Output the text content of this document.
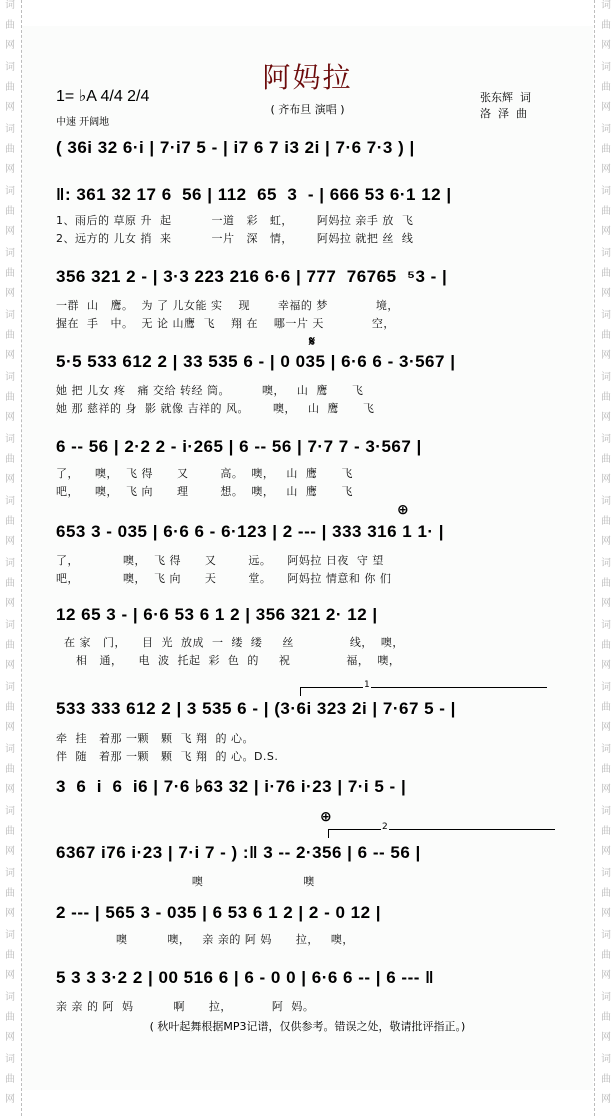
词
曲
网
词
曲
网
词
曲
网
词
曲
网
词
曲
网
词
曲
网
词
曲
网
词
曲
网
词
曲
网
词
曲
网
词
曲
网
词
曲
网
词
曲
网
词
曲
网
词
曲
网
词
曲
网
词
曲
网
词
曲
网
词
曲
网
词
曲
网
词
曲
网
词
曲
网
词
曲
网
词
曲
网
词
曲
网
词
曲
网
词
曲
网
词
曲
网
词
曲
网
词
曲
网
词
曲
网
词
曲
网
词
曲
网
词
曲
网
词
曲
网
词
曲
网
阿妈拉
( 齐布旦 演唱 )
1= ♭A 4/4 2/4
中速 开阔地
张东辉  词
洛  泽  曲
( 36i 32 6·i | 7·i7 5 - | i7 6 7 i3 2i | 7·6 7·3 ) |
‖: 361 32 17 6  56 | 112  65  3  - | 666 53 6·1 12 |
1、雨后的 草原 升  起          一道   彩   虹，      阿妈拉 亲手 放  飞
2、远方的 儿女 捎  来          一片   深   情，      阿妈拉 就把 丝  线
356 321 2 - | 3·3 223 216 6·6 | 777  76765  ⁵3 - |
一群  山   鹰。  为 了 儿女能 实    现       幸福的 梦            境，
握在  手   中。  无 论 山鹰  飞    翔 在    哪一片 天            空，
𝄋
5·5 533 612 2 | 33 535 6 - | 0 035 | 6·6 6 - 3·567 |
她 把 儿女 疼   痛 交给 转经 筒。        噢，   山  鹰      飞
她 那 慈祥的 身  影 就像 吉祥的 风。      噢，   山  鹰      飞
6 -- 56 | 2·2 2 - i·265 | 6 -- 56 | 7·7 7 - 3·567 |
了，    噢，  飞 得      又        高。  噢，   山  鹰      飞
吧，    噢，  飞 向      理        想。  噢，   山  鹰      飞
⊕
653 3 - 035 | 6·6 6 - 6·123 | 2 --- | 333 316 1 1· |
了，           噢，  飞 得      又        远。    阿妈拉 日夜  守 望
吧，           噢，  飞 向      天        堂。    阿妈拉 情意和 你 们
12 65 3 - | 6·6 53 6 1 2 | 356 321 2· 12 |
在 家   门，    目  光  放成  一  缕  缕     丝              线，  噢，
相   通，    电  波  托起  彩  色  的     祝              福，  噢，
1
533 333 612 2 | 3 535 6 - | (3·6i 323 2i | 7·67 5 - |
牵  挂   着那 一颗   颗  飞 翔  的 心。
伴  随   着那 一颗   颗  飞 翔  的 心。D.S.
3  6  i  6  i6 | 7·6 ♭63 32 | i·76 i·23 | 7·i 5 - |
⊕
2
6367 i76 i·23 | 7·i 7 - ) :‖ 3 -- 2·356 | 6 -- 56 |
噢                         噢
2 --- | 565 3 - 035 | 6 53 6 1 2 | 2 - 0 12 |
噢          噢，   亲 亲的 阿 妈      拉，   噢，
5 3 3 3·2 2 | 00 516 6 | 6 - 0 0 | 6·6 6 -- | 6 --- ‖
亲 亲 的 阿  妈          啊      拉，          阿  妈。
( 秋叶起舞根据MP3记谱，仅供参考。错误之处，敬请批评指正。)
